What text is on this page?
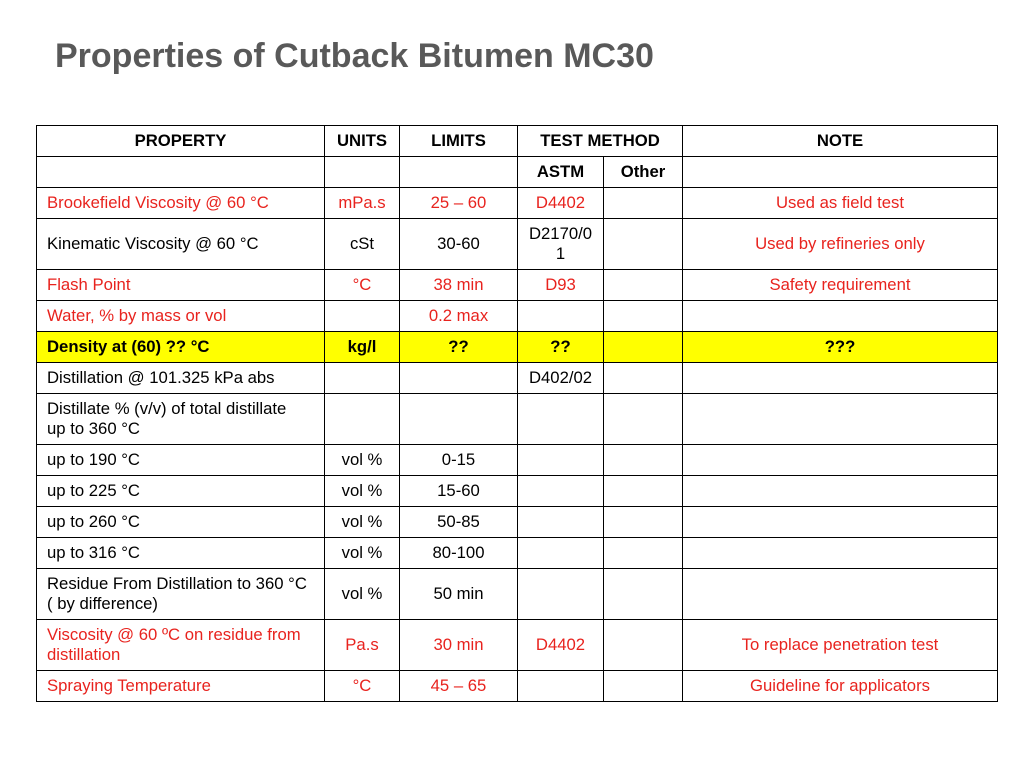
Properties of Cutback Bitumen MC30
PROPERTY	UNITS	LIMITS	TEST METHOD		NOTE
			ASTM	Other	
Brookefield Viscosity @ 60 °C	mPa.s	25 – 60	D4402		Used as field test
Kinematic Viscosity @ 60 °C	cSt	30-60	D2170/01		Used by refineries only
Flash Point	°C	38 min	D93		Safety requirement
Water, % by mass or vol		0.2 max			
Density at (60) ?? °C	kg/l	??	??		???
Distillation @ 101.325 kPa abs			D402/02		
Distillate % (v/v) of total distillate
up to 360 °C					
up to 190 °C	vol %	0-15			
up to 225 °C	vol %	15-60			
up to 260 °C	vol %	50-85			
up to 316 °C	vol %	80-100			
Residue From Distillation to 360 °C
( by difference)	vol %	50 min			
Viscosity @ 60 ºC on residue from
distillation	Pa.s	30 min	D4402		To replace penetration test
Spraying Temperature	°C	45 – 65			Guideline for applicators
